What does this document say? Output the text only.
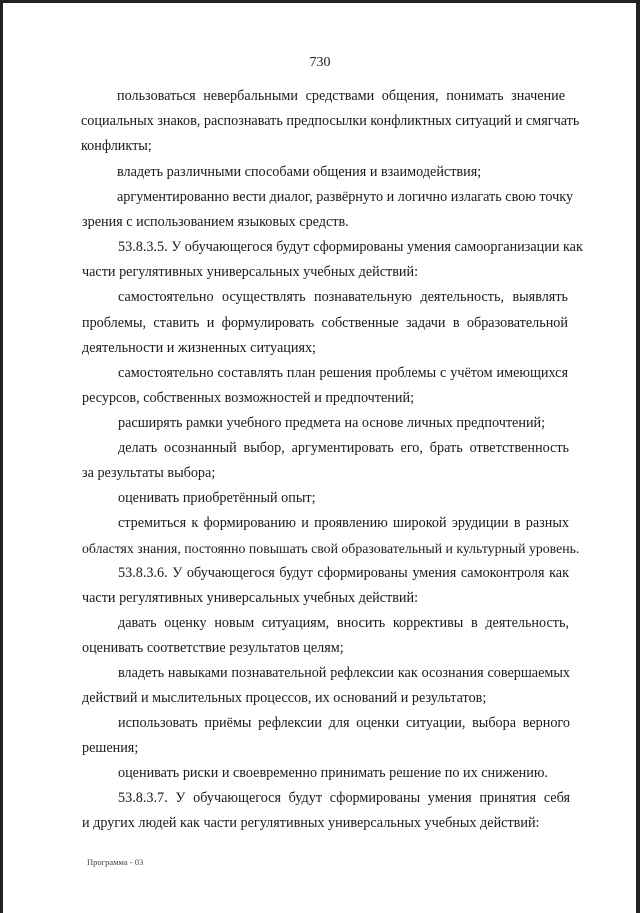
730
пользоваться невербальными средствами общения, понимать значение
социальных знаков, распознавать предпосылки конфликтных ситуаций и смягчать
конфликты;
владеть различными способами общения и взаимодействия;
аргументированно вести диалог, развёрнуто и логично излагать свою точку
зрения с использованием языковых средств.
53.8.3.5. У обучающегося будут сформированы умения самоорганизации как
части регулятивных универсальных учебных действий:
самостоятельно осуществлять познавательную деятельность, выявлять
проблемы, ставить и формулировать собственные задачи в образовательной
деятельности и жизненных ситуациях;
самостоятельно составлять план решения проблемы с учётом имеющихся
ресурсов, собственных возможностей и предпочтений;
расширять рамки учебного предмета на основе личных предпочтений;
делать осознанный выбор, аргументировать его, брать ответственность
за результаты выбора;
оценивать приобретённый опыт;
стремиться к формированию и проявлению широкой эрудиции в разных
областях знания, постоянно повышать свой образовательный и культурный уровень.
53.8.3.6. У обучающегося будут сформированы умения самоконтроля как
части регулятивных универсальных учебных действий:
давать оценку новым ситуациям, вносить коррективы в деятельность,
оценивать соответствие результатов целям;
владеть навыками познавательной рефлексии как осознания совершаемых
действий и мыслительных процессов, их оснований и результатов;
использовать приёмы рефлексии для оценки ситуации, выбора верного
решения;
оценивать риски и своевременно принимать решение по их снижению.
53.8.3.7. У обучающегося будут сформированы умения принятия себя
и других людей как части регулятивных универсальных учебных действий:
Программа - 03
